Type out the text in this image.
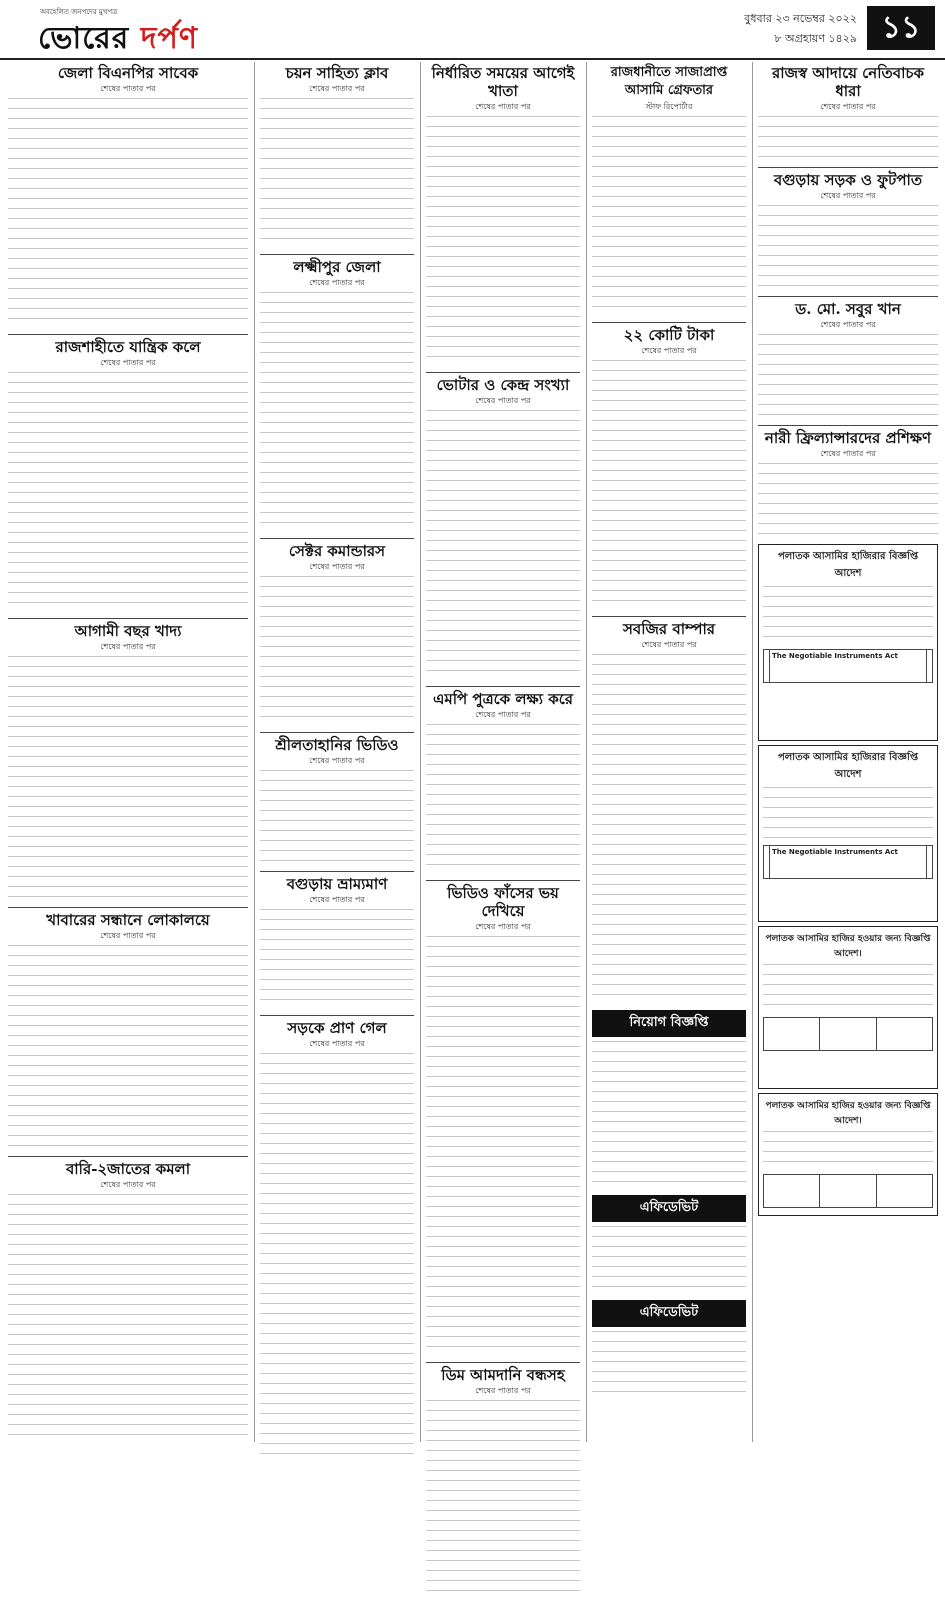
অবহেলিত জনপদের মুখপত্র
ভোরের দর্পণ
বুধবার ২৩ নভেম্বর ২০২২
৮ অগ্রহায়ণ ১৪২৯ ১১
জেলা বিএনপির সাবেক
শেষের পাতার পর
রাজশাহীতে যান্ত্রিক কলে
শেষের পাতার পর
আগামী বছর খাদ্য
শেষের পাতার পর
খাবারের সন্ধানে লোকালয়ে
শেষের পাতার পর
বারি-২জাতের কমলা
শেষের পাতার পর
চয়ন সাহিত্য ক্লাব
শেষের পাতার পর
লক্ষ্মীপুর জেলা
শেষের পাতার পর
সেক্টর কমান্ডারস
শেষের পাতার পর
শ্রীলতাহানির ভিডিও
শেষের পাতার পর
বগুড়ায় ভ্রাম্যমাণ
শেষের পাতার পর
সড়কে প্রাণ গেল
শেষের পাতার পর
নির্ধারিত সময়ের আগেই খাতা
শেষের পাতার পর
ভোটার ও কেন্দ্র সংখ্যা
শেষের পাতার পর
এমপি পুত্রকে লক্ষ্য করে
শেষের পাতার পর
ভিডিও ফাঁসের ভয় দেখিয়ে
শেষের পাতার পর
ডিম আমদানি বন্ধসহ
শেষের পাতার পর
রাজধানীতে সাজাপ্রাপ্ত আসামি গ্রেফতার
স্টাফ রিপোর্টার
২২ কোটি টাকা
শেষের পাতার পর
সবজির বাম্পার
শেষের পাতার পর
নিয়োগ বিজ্ঞপ্তি
এফিডেভিট
এফিডেভিট
রাজস্ব আদায়ে নেতিবাচক ধারা
শেষের পাতার পর
বগুড়ায় সড়ক ও ফুটপাত
শেষের পাতার পর
ড. মো. সবুর খান
শেষের পাতার পর
নারী ফ্রিল্যান্সারদের প্রশিক্ষণ
শেষের পাতার পর
পলাতক আসামির হাজিরার বিজ্ঞপ্তি আদেশ
	The Negotiable Instruments Act	
পলাতক আসামির হাজিরার বিজ্ঞপ্তি আদেশ
	The Negotiable Instruments Act	
পলাতক আসামির হাজির হওয়ার জন্য বিজ্ঞপ্তি আদেশ।

পলাতক আসামির হাজির হওয়ার জন্য বিজ্ঞপ্তি আদেশ।
